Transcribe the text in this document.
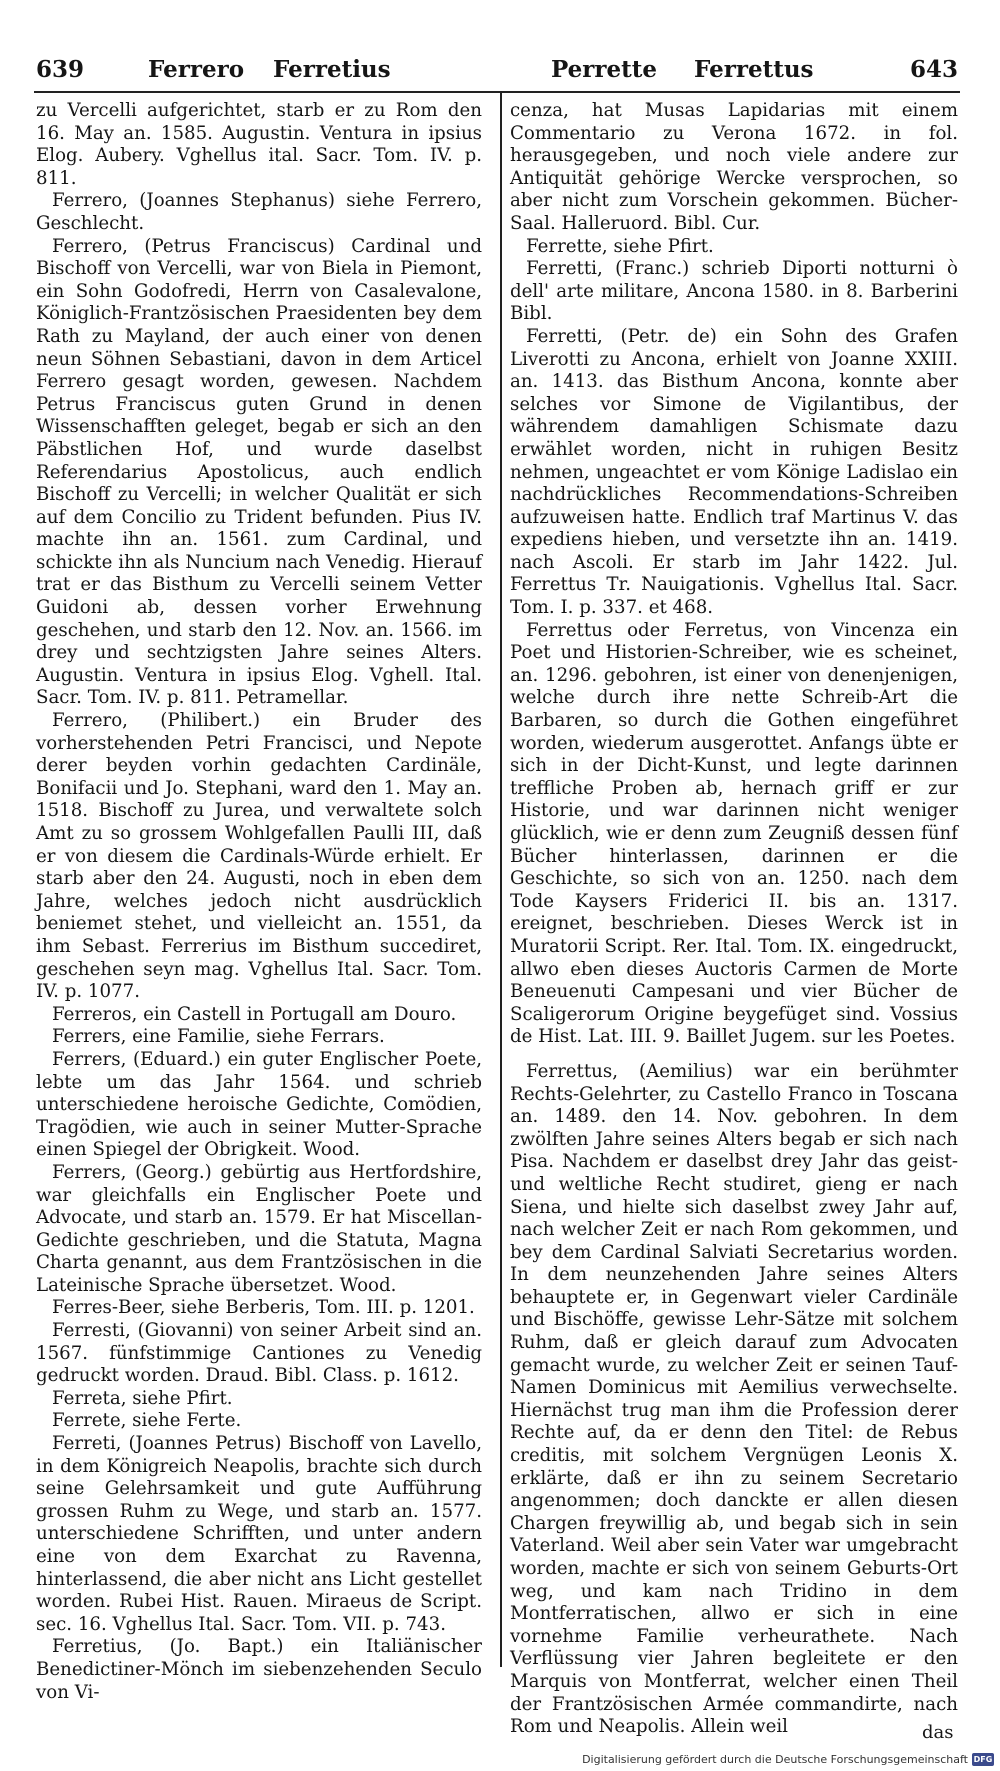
639	Ferrero Ferretius	Perrette Ferrettus	643

zu Vercelli aufgerichtet, starb er zu Rom den 16. May an. 1585. Augustin. Ventura in ipsius Elog. Aubery. Vghellus ital. Sacr. Tom. IV. p. 811.

Ferrero, (Joannes Stephanus) siehe Ferrero, Geschlecht.

Ferrero, (Petrus Franciscus) Cardinal und Bischoff von Vercelli, war von Biela in Piemont, ein Sohn Godofredi, Herrn von Casalevalone, Königlich-Frantzösischen Praesidenten bey dem Rath zu Mayland, der auch einer von denen neun Söhnen Sebastiani, davon in dem Articel Ferrero gesagt worden, gewesen. Nachdem Petrus Franciscus guten Grund in denen Wissenschafften geleget, begab er sich an den Päbstlichen Hof, und wurde daselbst Referendarius Apostolicus, auch endlich Bischoff zu Vercelli; in welcher Qualität er sich auf dem Concilio zu Trident befunden. Pius IV. machte ihn an. 1561. zum Cardinal, und schickte ihn als Nuncium nach Venedig. Hierauf trat er das Bisthum zu Vercelli seinem Vetter Guidoni ab, dessen vorher Erwehnung geschehen, und starb den 12. Nov. an. 1566. im drey und sechtzigsten Jahre seines Alters. Augustin. Ventura in ipsius Elog. Vghell. Ital. Sacr. Tom. IV. p. 811. Petramellar.

Ferrero, (Philibert.) ein Bruder des vorherstehenden Petri Francisci, und Nepote derer beyden vorhin gedachten Cardinäle, Bonifacii und Jo. Stephani, ward den 1. May an. 1518. Bischoff zu Jurea, und verwaltete solch Amt zu so grossem Wohlgefallen Paulli III, daß er von diesem die Cardinals-Würde erhielt. Er starb aber den 24. Augusti, noch in eben dem Jahre, welches jedoch nicht ausdrücklich beniemet stehet, und vielleicht an. 1551, da ihm Sebast. Ferrerius im Bisthum succediret, geschehen seyn mag. Vghellus Ital. Sacr. Tom. IV. p. 1077.

Ferreros, ein Castell in Portugall am Douro.

Ferrers, eine Familie, siehe Ferrars.

Ferrers, (Eduard.) ein guter Englischer Poete, lebte um das Jahr 1564. und schrieb unterschiedene heroische Gedichte, Comödien, Tragödien, wie auch in seiner Mutter-Sprache einen Spiegel der Obrigkeit. Wood.

Ferrers, (Georg.) gebürtig aus Hertfordshire, war gleichfalls ein Englischer Poete und Advocate, und starb an. 1579. Er hat Miscellan-Gedichte geschrieben, und die Statuta, Magna Charta genannt, aus dem Frantzösischen in die Lateinische Sprache übersetzet. Wood.

Ferres-Beer, siehe Berberis, Tom. III. p. 1201.

Ferresti, (Giovanni) von seiner Arbeit sind an. 1567. fünfstimmige Cantiones zu Venedig gedruckt worden. Draud. Bibl. Class. p. 1612.

Ferreta, siehe Pfirt.

Ferrete, siehe Ferte.

Ferreti, (Joannes Petrus) Bischoff von Lavello, in dem Königreich Neapolis, brachte sich durch seine Gelehrsamkeit und gute Aufführung grossen Ruhm zu Wege, und starb an. 1577. unterschiedene Schrifften, und unter andern eine von dem Exarchat zu Ravenna, hinterlassend, die aber nicht ans Licht gestellet worden. Rubei Hist. Rauen. Miraeus de Script. sec. 16. Vghellus Ital. Sacr. Tom. VII. p. 743.

Ferretius, (Jo. Bapt.) ein Italiänischer Benedictiner-Mönch im siebenzehenden Seculo von Vi-

cenza, hat Musas Lapidarias mit einem Commentario zu Verona 1672. in fol. herausgegeben, und noch viele andere zur Antiquität gehörige Wercke versprochen, so aber nicht zum Vorschein gekommen. Bücher-Saal. Halleruord. Bibl. Cur.

Ferrette, siehe Pfirt.

Ferretti, (Franc.) schrieb Diporti notturni ò dell' arte militare, Ancona 1580. in 8. Barberini Bibl.

Ferretti, (Petr. de) ein Sohn des Grafen Liverotti zu Ancona, erhielt von Joanne XXIII. an. 1413. das Bisthum Ancona, konnte aber selches vor Simone de Vigilantibus, der währendem damahligen Schismate dazu erwählet worden, nicht in ruhigen Besitz nehmen, ungeachtet er vom Könige Ladislao ein nachdrückliches Recommendations-Schreiben aufzuweisen hatte. Endlich traf Martinus V. das expediens hieben, und versetzte ihn an. 1419. nach Ascoli. Er starb im Jahr 1422. Jul. Ferrettus Tr. Nauigationis. Vghellus Ital. Sacr. Tom. I. p. 337. et 468.

Ferrettus oder Ferretus, von Vincenza ein Poet und Historien-Schreiber, wie es scheinet, an. 1296. gebohren, ist einer von denenjenigen, welche durch ihre nette Schreib-Art die Barbaren, so durch die Gothen eingeführet worden, wiederum ausgerottet. Anfangs übte er sich in der Dicht-Kunst, und legte darinnen treffliche Proben ab, hernach griff er zur Historie, und war darinnen nicht weniger glücklich, wie er denn zum Zeugniß dessen fünf Bücher hinterlassen, darinnen er die Geschichte, so sich von an. 1250. nach dem Tode Kaysers Friderici II. bis an. 1317. ereignet, beschrieben. Dieses Werck ist in Muratorii Script. Rer. Ital. Tom. IX. eingedruckt, allwo eben dieses Auctoris Carmen de Morte Beneuenuti Campesani und vier Bücher de Scaligerorum Origine beygefüget sind. Vossius de Hist. Lat. III. 9. Baillet Jugem. sur les Poetes.

Ferrettus, (Aemilius) war ein berühmter Rechts-Gelehrter, zu Castello Franco in Toscana an. 1489. den 14. Nov. gebohren. In dem zwölften Jahre seines Alters begab er sich nach Pisa. Nachdem er daselbst drey Jahr das geist- und weltliche Recht studiret, gieng er nach Siena, und hielte sich daselbst zwey Jahr auf, nach welcher Zeit er nach Rom gekommen, und bey dem Cardinal Salviati Secretarius worden. In dem neunzehenden Jahre seines Alters behauptete er, in Gegenwart vieler Cardinäle und Bischöffe, gewisse Lehr-Sätze mit solchem Ruhm, daß er gleich darauf zum Advocaten gemacht wurde, zu welcher Zeit er seinen Tauf-Namen Dominicus mit Aemilius verwechselte. Hiernächst trug man ihm die Profession derer Rechte auf, da er denn den Titel: de Rebus creditis, mit solchem Vergnügen Leonis X. erklärte, daß er ihn zu seinem Secretario angenommen; doch danckte er allen diesen Chargen freywillig ab, und begab sich in sein Vaterland. Weil aber sein Vater war umgebracht worden, machte er sich von seinem Geburts-Ort weg, und kam nach Tridino in dem Montferratischen, allwo er sich in eine vornehme Familie verheurathete. Nach Verflüssung vier Jahren begleitete er den Marquis von Montferrat, welcher einen Theil der Frantzösischen Armée commandirte, nach Rom und Neapolis. Allein weil	das
Digitalisierung gefördert durch die Deutsche Forschungsgemeinschaft DFG
